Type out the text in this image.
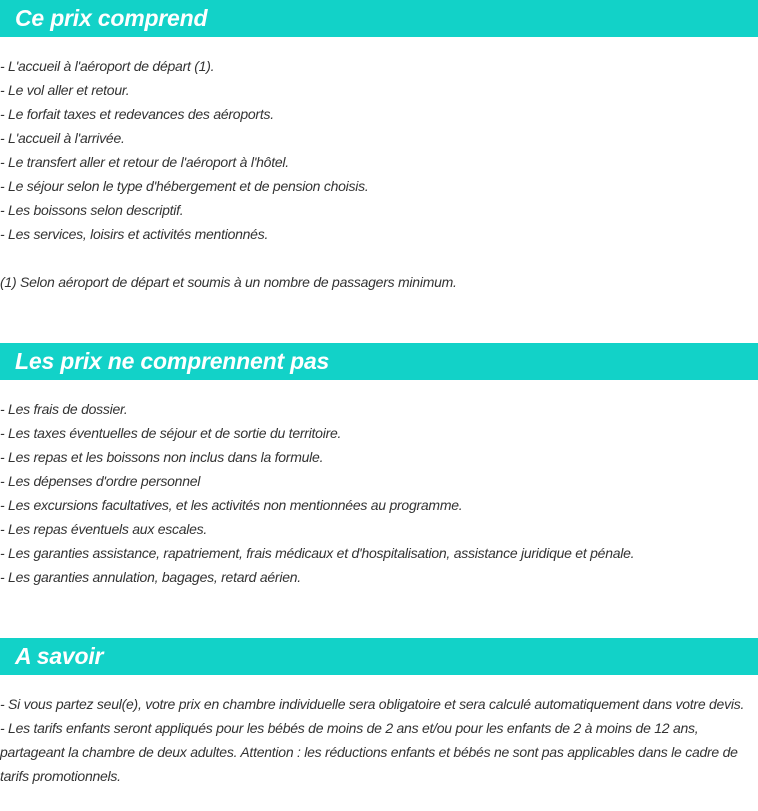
Ce prix comprend
- L'accueil à l'aéroport de départ (1).
- Le vol aller et retour.
- Le forfait taxes et redevances des aéroports.
- L'accueil à l'arrivée.
- Le transfert aller et retour de l'aéroport à l'hôtel.
- Le séjour selon le type d'hébergement et de pension choisis.
- Les boissons selon descriptif.
- Les services, loisirs et activités mentionnés.
(1) Selon aéroport de départ et soumis à un nombre de passagers minimum.
Les prix ne comprennent pas
- Les frais de dossier.
- Les taxes éventuelles de séjour et de sortie du territoire.
- Les repas et les boissons non inclus dans la formule.
- Les dépenses d'ordre personnel
- Les excursions facultatives, et les activités non mentionnées au programme.
- Les repas éventuels aux escales.
- Les garanties assistance, rapatriement, frais médicaux et d'hospitalisation, assistance juridique et pénale.
- Les garanties annulation, bagages, retard aérien.
A savoir
- Si vous partez seul(e), votre prix en chambre individuelle sera obligatoire et sera calculé automatiquement dans votre devis.
- Les tarifs enfants seront appliqués pour les bébés de moins de 2 ans et/ou pour les enfants de 2 à moins de 12 ans, partageant la chambre de deux adultes. Attention : les réductions enfants et bébés ne sont pas applicables dans le cadre de tarifs promotionnels.
